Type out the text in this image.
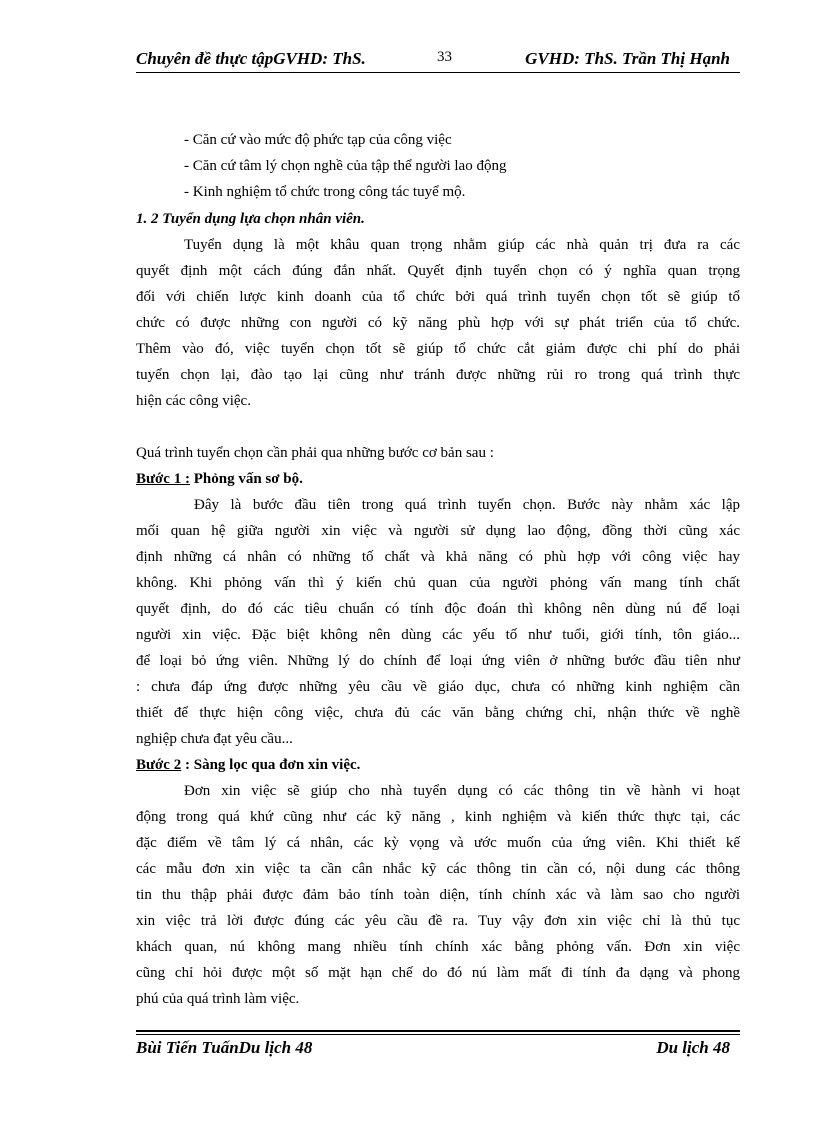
Chuyên đề thực tậpGVHD: ThS.	33	GVHD: ThS. Trần Thị Hạnh
- Căn cứ vào mức độ phức tạp của công việc
- Căn cứ tâm lý chọn nghề của tập thể người lao động
- Kinh nghiệm tổ chức trong công tác tuyể mộ.
1. 2 Tuyển dụng lựa chọn nhân viên.
Tuyển dụng là một khâu quan trọng nhằm giúp các nhà quản trị đưa ra các
quyết định một cách đúng đắn nhất. Quyết định tuyển chọn có ý nghĩa quan trọng
đối với chiến lược kinh doanh của tổ chức bởi quá trình tuyển chọn tốt sẽ giúp tổ
chức có được những con người có kỹ năng phù hợp với sự phát triển của tổ chức.
Thêm vào đó, việc tuyển chọn tốt sẽ giúp tổ chức cắt giảm được chi phí do phải
tuyển chọn lại, đào tạo lại cũng như tránh được những rủi ro trong quá trình thực
hiện các công việc.
Quá trình tuyển chọn cần phải qua những bước cơ bản sau :
Bước 1 : Phỏng vấn sơ bộ.
Đây là bước đầu tiên trong quá trình tuyển chọn. Bước này nhằm xác lập
mối quan hệ giữa người xin việc và người sử dụng lao động, đồng thời cũng xác
định những cá nhân có những tố chất và khả năng có phù hợp với công việc hay
không. Khi phỏng vấn thì ý kiến chủ quan của người phỏng vấn mang tính chất
quyết định, do đó các tiêu chuẩn có tính độc đoán thì không nên dùng nú để loại
người xin việc. Đặc biệt không nên dùng các yếu tố như tuổi, giới tính, tôn giáo...
để loại bỏ ứng viên. Những lý do chính để loại ứng viên ở những bước đầu tiên như
: chưa đáp ứng được những yêu cầu về giáo dục, chưa có những kinh nghiệm cần
thiết để thực hiện công việc, chưa đủ các văn bằng chứng chỉ, nhận thức về nghề
nghiệp chưa đạt yêu cầu...
Bước 2 : Sàng lọc qua đơn xin việc.
Đơn xin việc sẽ giúp cho nhà tuyển dụng có các thông tin về hành vi hoạt
động trong quá khứ cũng như các kỹ năng , kinh nghiệm và kiến thức thực tại, các
đặc điểm về tâm lý cá nhân, các kỳ vọng và ước muốn của ứng viên. Khi thiết kế
các mẫu đơn xin việc ta cần cân nhắc kỹ các thông tin cần có, nội dung các thông
tin thu thập phải được đảm bảo tính toàn diện, tính chính xác và làm sao cho người
xin việc trả lời được đúng các yêu cầu đề ra. Tuy vậy đơn xin việc chỉ là thủ tục
khách quan, nú không mang nhiều tính chính xác bằng phỏng vấn. Đơn xin việc
cũng chỉ hỏi được một số mặt hạn chế do đó nú làm mất đi tính đa dạng và phong
phú của quá trình làm việc.
Bùi Tiến TuấnDu lịch 48	Du lịch 48
